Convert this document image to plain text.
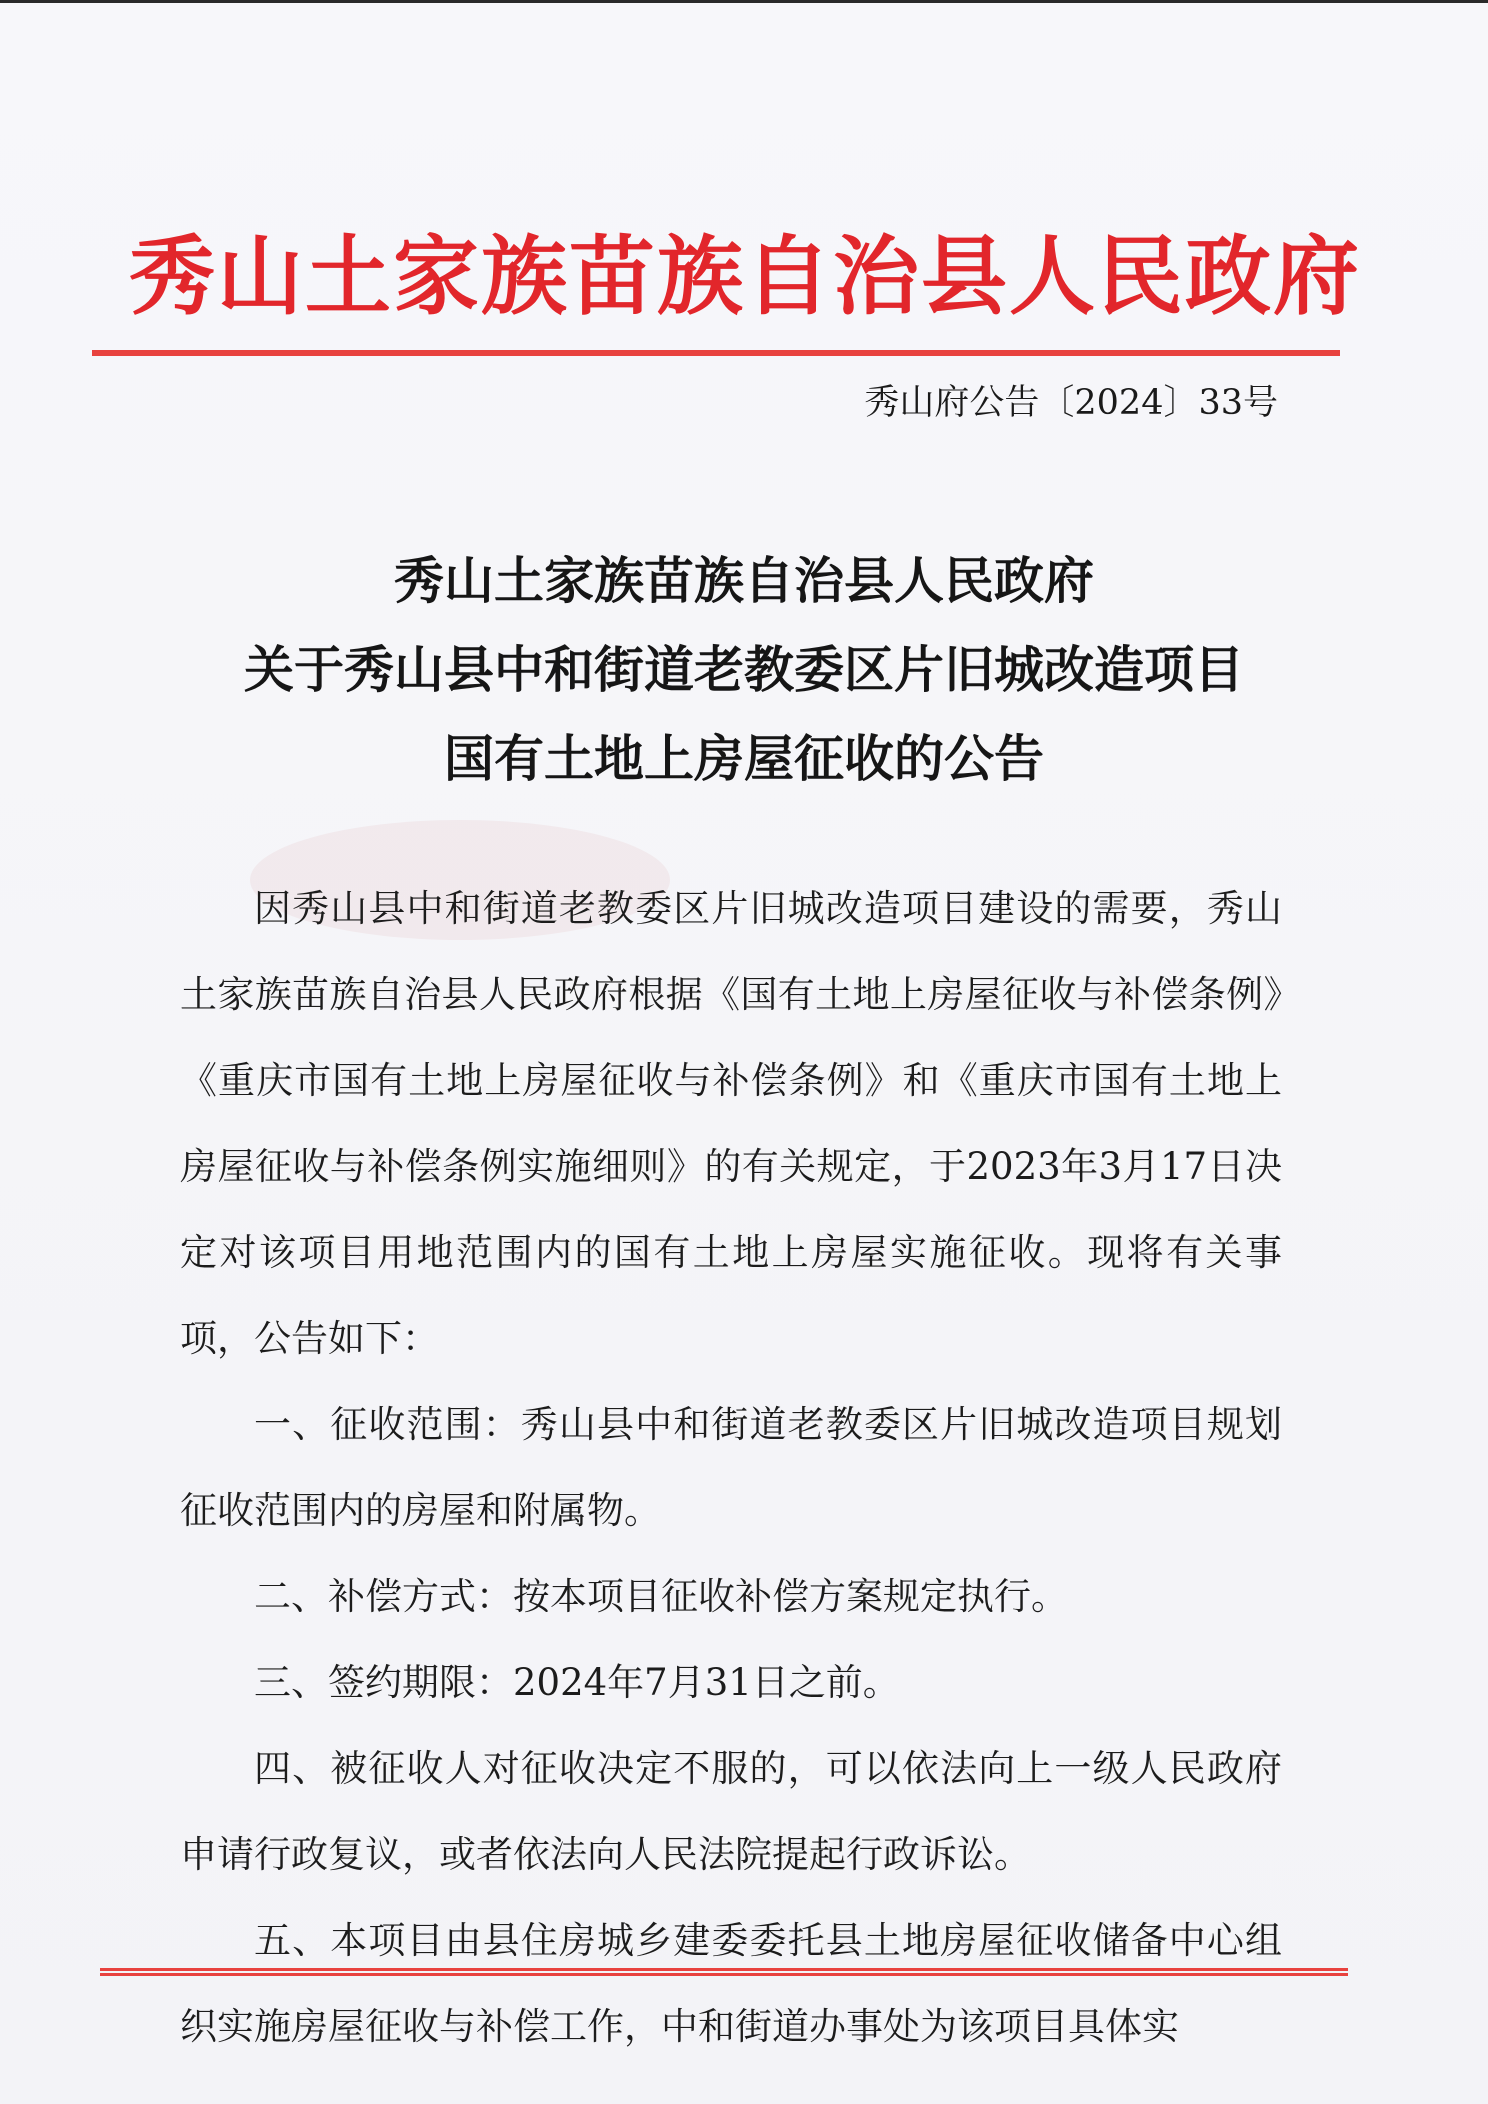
秀山土家族苗族自治县人民政府
秀山府公告〔2024〕33号
秀山土家族苗族自治县人民政府
关于秀山县中和街道老教委区片旧城改造项目
国有土地上房屋征收的公告

因秀山县中和街道老教委区片旧城改造项目建设的需要，秀山土家族苗族自治县人民政府根据《国有土地上房屋征收与补偿条例》《重庆市国有土地上房屋征收与补偿条例》和《重庆市国有土地上房屋征收与补偿条例实施细则》的有关规定，于2023年3月17日决定对该项目用地范围内的国有土地上房屋实施征收。现将有关事项，公告如下：

一、征收范围：秀山县中和街道老教委区片旧城改造项目规划征收范围内的房屋和附属物。

二、补偿方式：按本项目征收补偿方案规定执行。

三、签约期限：2024年7月31日之前。

四、被征收人对征收决定不服的，可以依法向上一级人民政府申请行政复议，或者依法向人民法院提起行政诉讼。

五、本项目由县住房城乡建委委托县土地房屋征收储备中心组织实施房屋征收与补偿工作，中和街道办事处为该项目具体实
